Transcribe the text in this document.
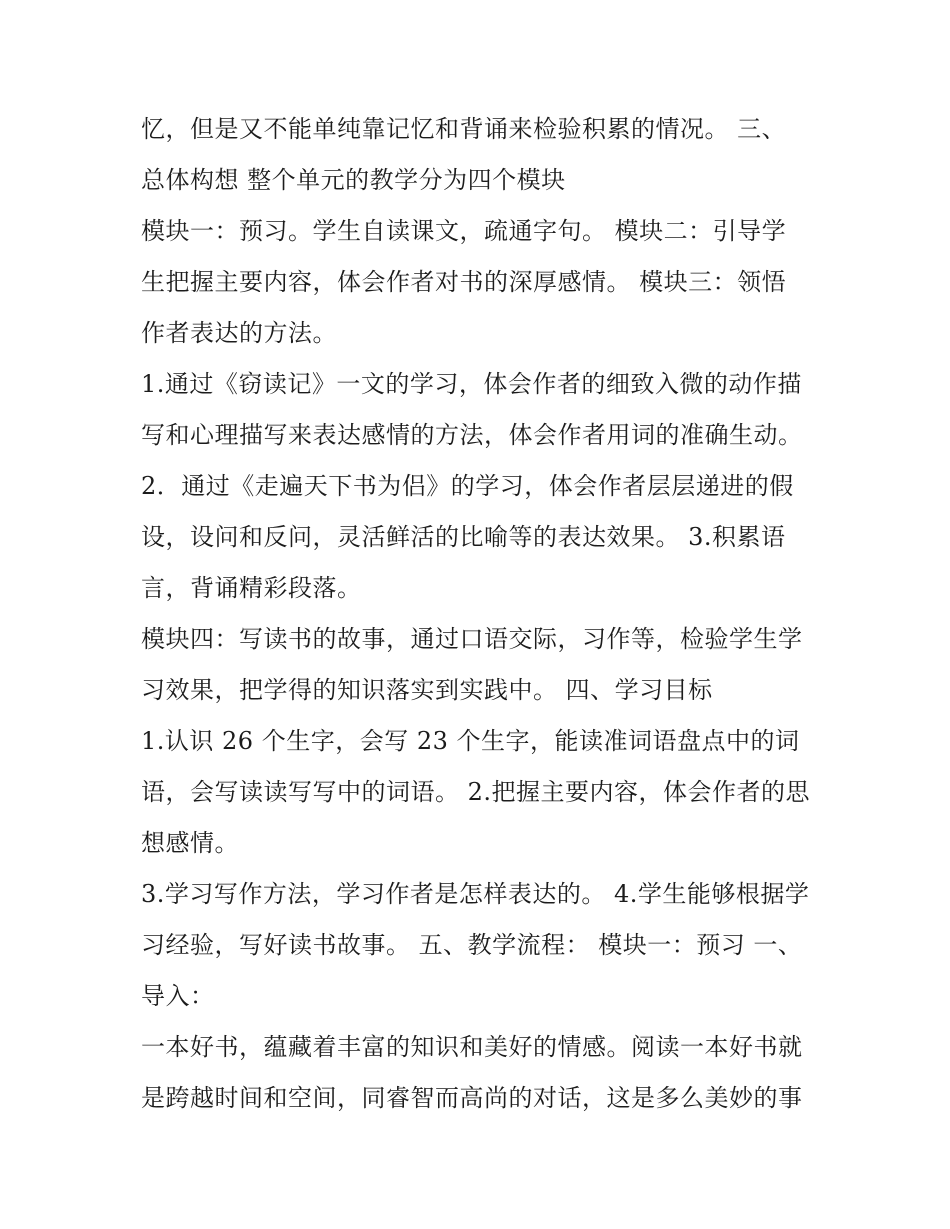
忆，但是又不能单纯靠记忆和背诵来检验积累的情况。 三、
总体构想 整个单元的教学分为四个模块
模块一：预习。学生自读课文，疏通字句。 模块二：引导学
生把握主要内容，体会作者对书的深厚感情。 模块三：领悟
作者表达的方法。
1.通过《窃读记》一文的学习，体会作者的细致入微的动作描
写和心理描写来表达感情的方法，体会作者用词的准确生动。
2．通过《走遍天下书为侣》的学习，体会作者层层递进的假
设，设问和反问，灵活鲜活的比喻等的表达效果。 3.积累语
言，背诵精彩段落。
模块四：写读书的故事，通过口语交际，习作等，检验学生学
习效果，把学得的知识落实到实践中。 四、学习目标
1.认识 26 个生字，会写 23 个生字，能读准词语盘点中的词
语，会写读读写写中的词语。 2.把握主要内容，体会作者的思
想感情。
3.学习写作方法，学习作者是怎样表达的。 4.学生能够根据学
习经验，写好读书故事。 五、教学流程： 模块一：预习 一、
导入：
一本好书，蕴藏着丰富的知识和美好的情感。阅读一本好书就
是跨越时间和空间，同睿智而高尚的对话，这是多么美妙的事
